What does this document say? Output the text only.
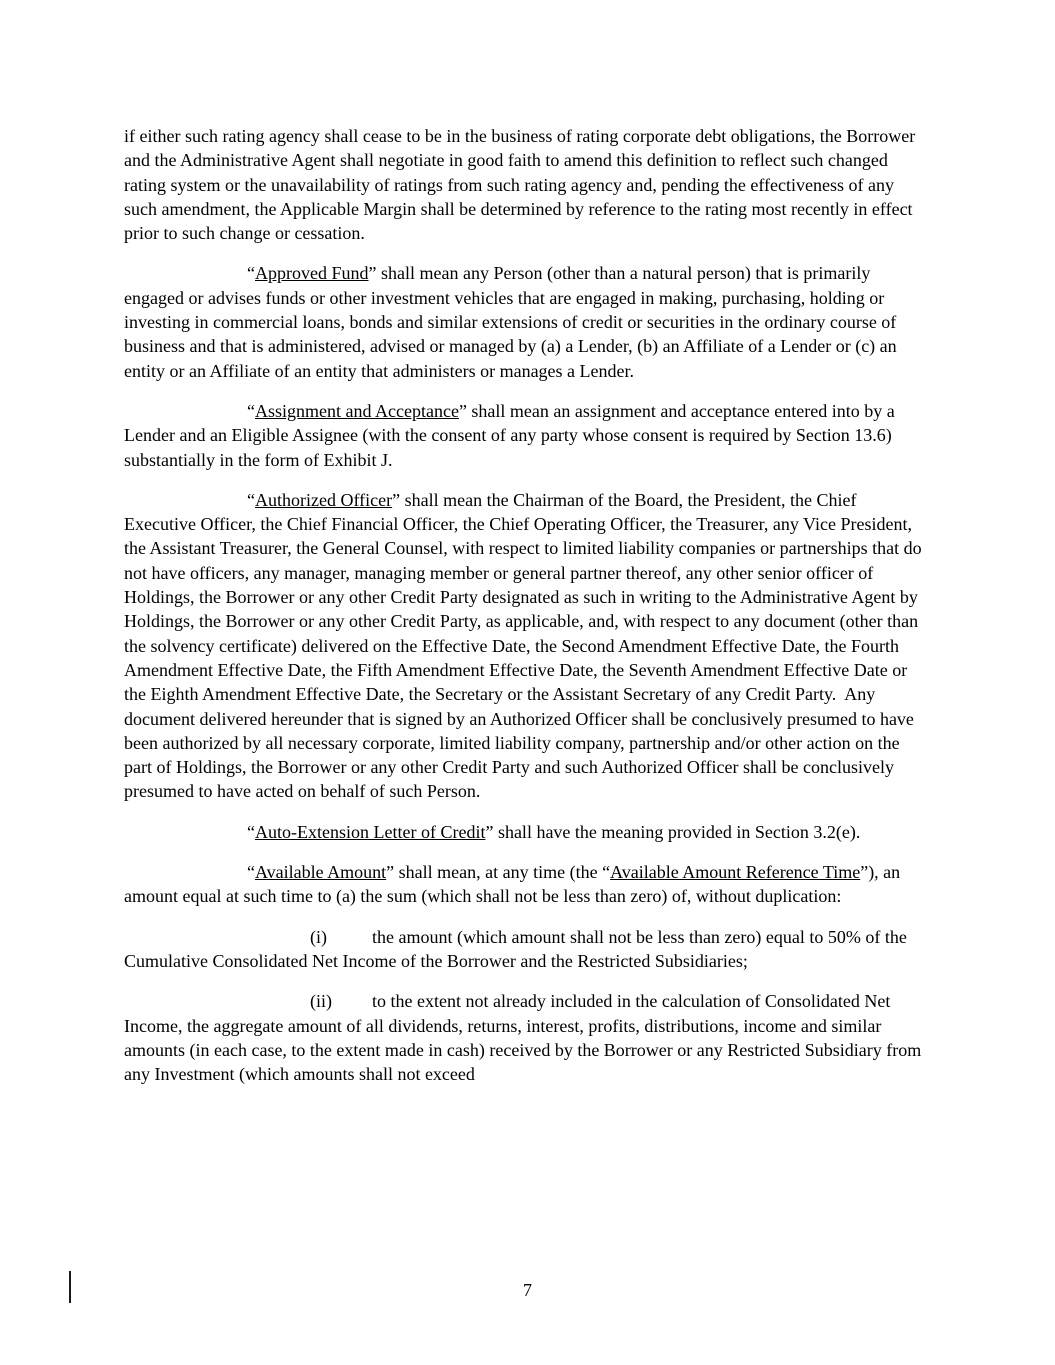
if either such rating agency shall cease to be in the business of rating corporate debt obligations, the Borrower and the Administrative Agent shall negotiate in good faith to amend this definition to reflect such changed rating system or the unavailability of ratings from such rating agency and, pending the effectiveness of any such amendment, the Applicable Margin shall be determined by reference to the rating most recently in effect prior to such change or cessation.

“Approved Fund” shall mean any Person (other than a natural person) that is primarily engaged or advises funds or other investment vehicles that are engaged in making, purchasing, holding or investing in commercial loans, bonds and similar extensions of credit or securities in the ordinary course of business and that is administered, advised or managed by (a) a Lender, (b) an Affiliate of a Lender or (c) an entity or an Affiliate of an entity that administers or manages a Lender.

“Assignment and Acceptance” shall mean an assignment and acceptance entered into by a Lender and an Eligible Assignee (with the consent of any party whose consent is required by Section 13.6) substantially in the form of Exhibit J.

“Authorized Officer” shall mean the Chairman of the Board, the President, the Chief Executive Officer, the Chief Financial Officer, the Chief Operating Officer, the Treasurer, any Vice President, the Assistant Treasurer, the General Counsel, with respect to limited liability companies or partnerships that do not have officers, any manager, managing member or general partner thereof, any other senior officer of Holdings, the Borrower or any other Credit Party designated as such in writing to the Administrative Agent by Holdings, the Borrower or any other Credit Party, as applicable, and, with respect to any document (other than the solvency certificate) delivered on the Effective Date, the Second Amendment Effective Date, the Fourth Amendment Effective Date, the Fifth Amendment Effective Date, the Seventh Amendment Effective Date or the Eighth Amendment Effective Date, the Secretary or the Assistant Secretary of any Credit Party.  Any document delivered hereunder that is signed by an Authorized Officer shall be conclusively presumed to have been authorized by all necessary corporate, limited liability company, partnership and/or other action on the part of Holdings, the Borrower or any other Credit Party and such Authorized Officer shall be conclusively presumed to have acted on behalf of such Person.

“Auto-Extension Letter of Credit” shall have the meaning provided in Section 3.2(e).

“Available Amount” shall mean, at any time (the “Available Amount Reference Time”), an amount equal at such time to (a) the sum (which shall not be less than zero) of, without duplication:

(i)	the amount (which amount shall not be less than zero) equal to 50% of the Cumulative Consolidated Net Income of the Borrower and the Restricted Subsidiaries;

(ii) to the extent not already included in the calculation of Consolidated Net Income, the aggregate amount of all dividends, returns, interest, profits, distributions, income and similar amounts (in each case, to the extent made in cash) received by the Borrower or any Restricted Subsidiary from any Investment (which amounts shall not exceed

7
